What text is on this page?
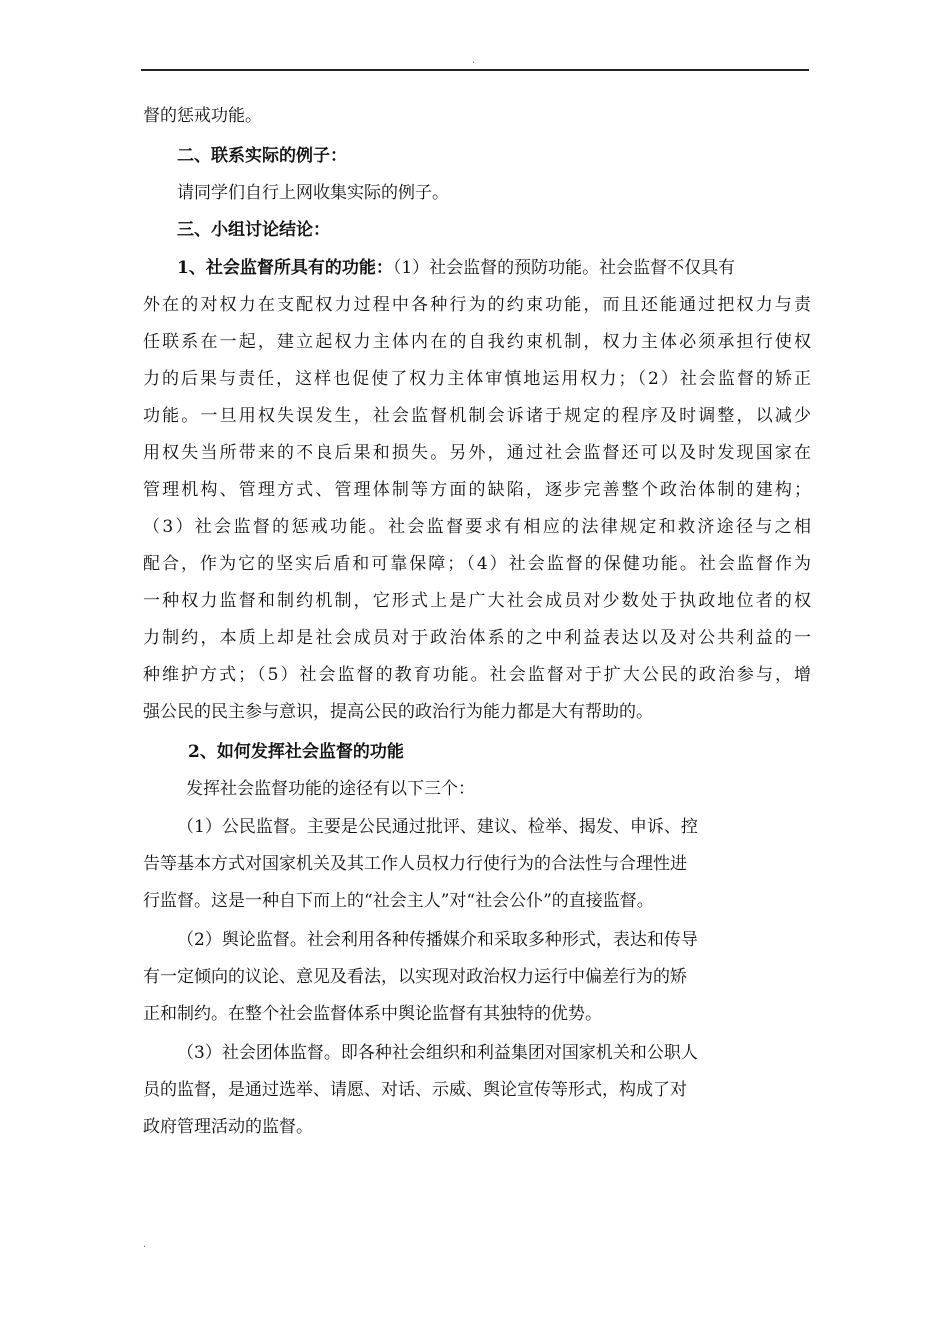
.

督的惩戒功能。

二、联系实际的例子：

请同学们自行上网收集实际的例子。

三、小组讨论结论：

1、社会监督所具有的功能：（1）社会监督的预防功能。社会监督不仅具有

外在的对权力在支配权力过程中各种行为的约束功能，而且还能通过把权力与责

任联系在一起，建立起权力主体内在的自我约束机制，权力主体必须承担行使权

力的后果与责任，这样也促使了权力主体审慎地运用权力；（2）社会监督的矫正

功能。一旦用权失误发生，社会监督机制会诉诸于规定的程序及时调整，以减少

用权失当所带来的不良后果和损失。另外，通过社会监督还可以及时发现国家在

管理机构、管理方式、管理体制等方面的缺陷，逐步完善整个政治体制的建构；

（3）社会监督的惩戒功能。社会监督要求有相应的法律规定和救济途径与之相

配合，作为它的坚实后盾和可靠保障；（4）社会监督的保健功能。社会监督作为

一种权力监督和制约机制，它形式上是广大社会成员对少数处于执政地位者的权

力制约，本质上却是社会成员对于政治体系的之中利益表达以及对公共利益的一

种维护方式；（5）社会监督的教育功能。社会监督对于扩大公民的政治参与，增

强公民的民主参与意识，提高公民的政治行为能力都是大有帮助的。

2、如何发挥社会监督的功能

发挥社会监督功能的途径有以下三个：

（1）公民监督。主要是公民通过批评、建议、检举、揭发、申诉、控

告等基本方式对国家机关及其工作人员权力行使行为的合法性与合理性进

行监督。这是一种自下而上的“社会主人”对“社会公仆”的直接监督。

（2）舆论监督。社会利用各种传播媒介和采取多种形式，表达和传导

有一定倾向的议论、意见及看法，以实现对政治权力运行中偏差行为的矫

正和制约。在整个社会监督体系中舆论监督有其独特的优势。

（3）社会团体监督。即各种社会组织和利益集团对国家机关和公职人

员的监督，是通过选举、请愿、对话、示威、舆论宣传等形式，构成了对

政府管理活动的监督。

.
